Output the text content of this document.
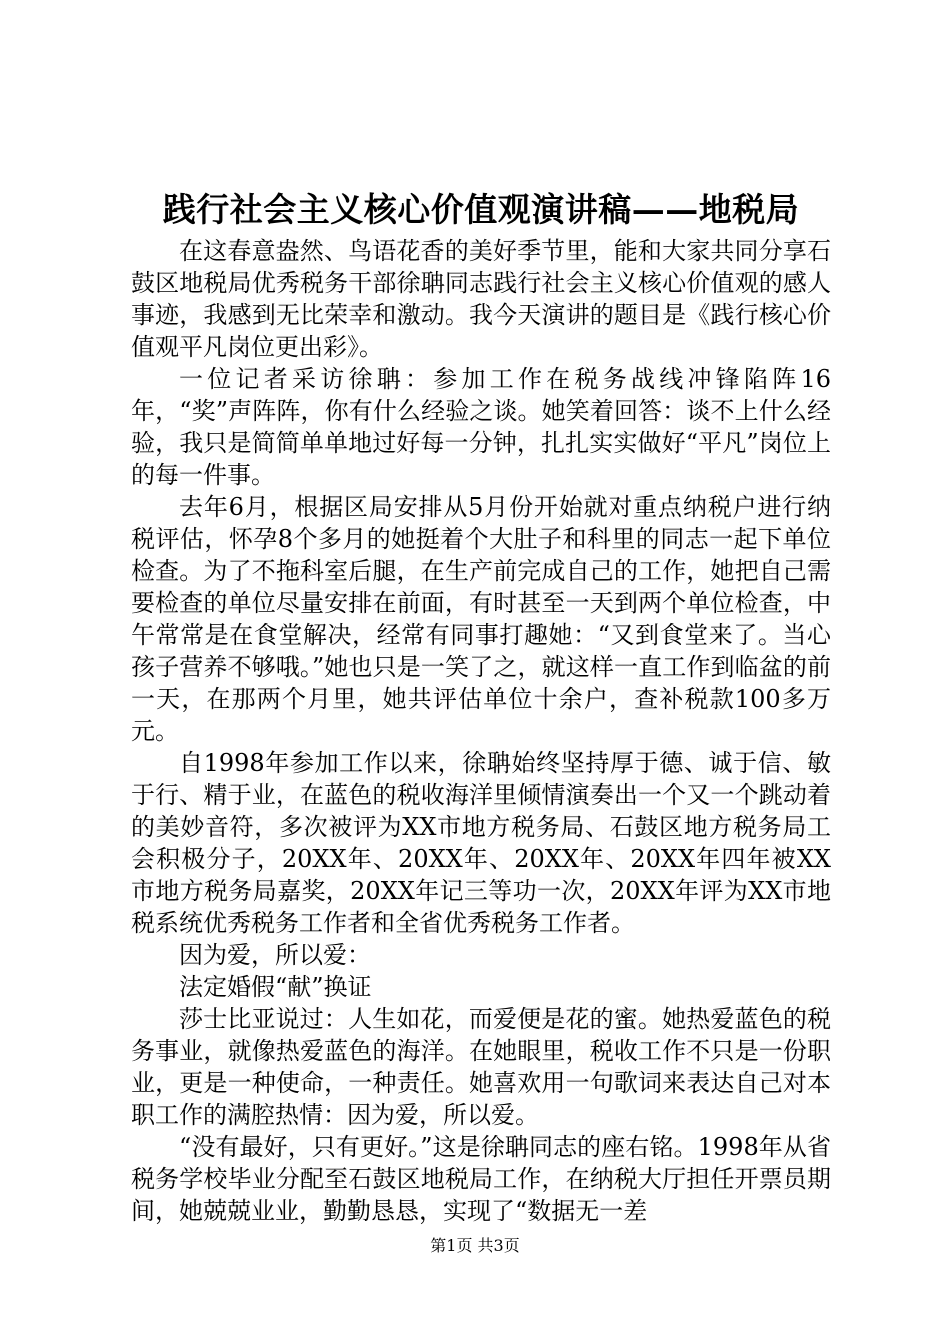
践行社会主义核心价值观演讲稿——地税局

在这春意盎然、鸟语花香的美好季节里，能和大家共同分享石鼓区地税局优秀税务干部徐聃同志践行社会主义核心价值观的感人事迹，我感到无比荣幸和激动。我今天演讲的题目是《践行核心价值观平凡岗位更出彩》。

一位记者采访徐聃：参加工作在税务战线冲锋陷阵16年，“奖”声阵阵，你有什么经验之谈。她笑着回答：谈不上什么经验，我只是简简单单地过好每一分钟，扎扎实实做好“平凡”岗位上的每一件事。

去年6月，根据区局安排从5月份开始就对重点纳税户进行纳税评估，怀孕8个多月的她挺着个大肚子和科里的同志一起下单位检查。为了不拖科室后腿，在生产前完成自己的工作，她把自己需要检查的单位尽量安排在前面，有时甚至一天到两个单位检查，中午常常是在食堂解决，经常有同事打趣她：“又到食堂来了。当心孩子营养不够哦。”她也只是一笑了之，就这样一直工作到临盆的前一天，在那两个月里，她共评估单位十余户，查补税款100多万元。

自1998年参加工作以来，徐聃始终坚持厚于德、诚于信、敏于行、精于业，在蓝色的税收海洋里倾情演奏出一个又一个跳动着的美妙音符，多次被评为XX市地方税务局、石鼓区地方税务局工会积极分子，20XX年、20XX年、20XX年、20XX年四年被XX市地方税务局嘉奖，20XX年记三等功一次，20XX年评为XX市地税系统优秀税务工作者和全省优秀税务工作者。

因为爱，所以爱：

法定婚假“献”换证

莎士比亚说过：人生如花，而爱便是花的蜜。她热爱蓝色的税务事业，就像热爱蓝色的海洋。在她眼里，税收工作不只是一份职业，更是一种使命，一种责任。她喜欢用一句歌词来表达自己对本职工作的满腔热情：因为爱，所以爱。

“没有最好，只有更好。”这是徐聃同志的座右铭。1998年从省税务学校毕业分配至石鼓区地税局工作，在纳税大厅担任开票员期间，她兢兢业业，勤勤恳恳，实现了“数据无一差

第1页 共3页
